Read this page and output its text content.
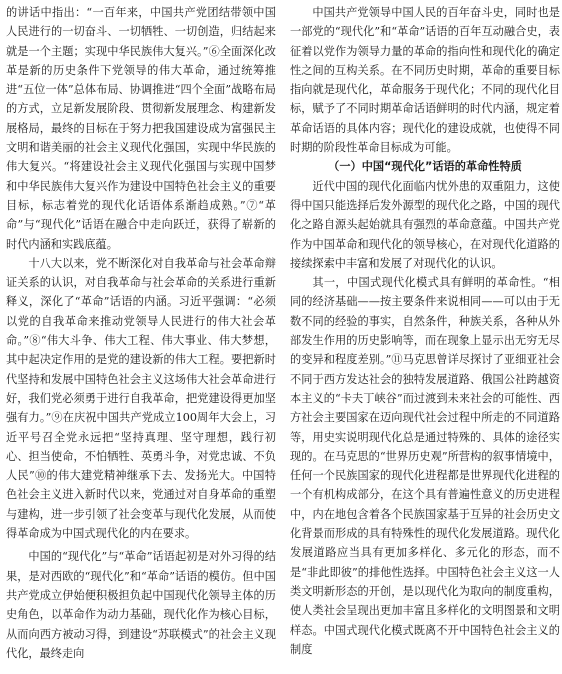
的讲话中指出：“一百年来，中国共产党团结带领中国人民进行的一切奋斗、一切牺牲、一切创造，归结起来就是一个主题；实现中华民族伟大复兴。”⑥全面深化改革是新的历史条件下党领导的伟大革命，通过统筹推进“五位一体”总体布局、协调推进“四个全面”战略布局的方式，立足新发展阶段、贯彻新发展理念、构建新发展格局，最终的目标在于努力把我国建设成为富强民主文明和谐美丽的社会主义现代化强国，实现中华民族的伟大复兴。“将建设社会主义现代化强国与实现中国梦和中华民族伟大复兴作为建设中国特色社会主义的重要目标，标志着党的现代化话语体系渐趋成熟。”⑦“革命”与“现代化”话语在融合中走向跃迁，获得了崭新的时代内涵和实践底蕴。

十八大以来，党不断深化对自我革命与社会革命辩证关系的认识，对自我革命与社会革命的关系进行重新释义，深化了“革命”话语的内涵。习近平强调：“必须以党的自我革命来推动党领导人民进行的伟大社会革命。”⑧“伟大斗争、伟大工程、伟大事业、伟大梦想，其中起决定作用的是党的建设新的伟大工程。要把新时代坚持和发展中国特色社会主义这场伟大社会革命进行好，我们党必须勇于进行自我革命，把党建设得更加坚强有力。”⑨在庆祝中国共产党成立100周年大会上，习近平号召全党永远把“坚持真理、坚守理想，践行初心、担当使命，不怕牺牲、英勇斗争，对党忠诚、不负人民”⑩的伟大建党精神继承下去、发扬光大。中国特色社会主义进入新时代以来，党通过对自身革命的重塑与建构，进一步引领了社会变革与现代化发展，从而使得革命成为中国式现代化的内在要求。

中国的“现代化”与“革命”话语起初是对外习得的结果，是对西欧的“现代化”和“革命”话语的模仿。但中国共产党成立伊始便积极担负起中国现代化领导主体的历史角色，以革命作为动力基础，现代化作为核心目标，从而向西方被动习得，到建设“苏联模式”的社会主义现代化，最终走向

中国共产党领导中国人民的百年奋斗史，同时也是一部党的“现代化”和“革命”话语的百年互动融合史，表征着以党作为领导力量的革命的指向性和现代化的确定性之间的互构关系。在不同历史时期，革命的重要目标指向就是现代化，革命服务于现代化；不同的现代化目标，赋予了不同时期革命话语鲜明的时代内涵，规定着革命话语的具体内容；现代化的建设成就，也使得不同时期的阶段性革命目标成为可能。

（一）中国“现代化”话语的革命性特质

近代中国的现代化面临内忧外患的双重阻力，这使得中国只能选择后发外源型的现代化之路，中国的现代化之路自源头起始就具有强烈的革命意蕴。中国共产党作为中国革命和现代化的领导核心，在对现代化道路的接续探索中丰富和发展了对现代化的认识。

其一，中国式现代化模式具有鲜明的革命性。“相同的经济基础——按主要条件来说相同——可以由于无数不同的经验的事实，自然条件，种族关系，各种从外部发生作用的历史影响等，而在现象上显示出无穷无尽的变异和程度差别。”⑪马克思曾详尽探讨了亚细亚社会不同于西方发达社会的独特发展道路、俄国公社跨越资本主义的“卡夫丁峡谷”而过渡到未来社会的可能性、西方社会主要国家在迈向现代社会过程中所走的不同道路等，用史实说明现代化总是通过特殊的、具体的途径实现的。在马克思的“世界历史观”所营构的叙事情境中，任何一个民族国家的现代化进程都是世界现代化进程的一个有机构成部分，在这个具有普遍性意义的历史进程中，内在地包含着各个民族国家基于互异的社会历史文化背景而形成的具有特殊性的现代化发展道路。现代化发展道路应当具有更加多样化、多元化的形态，而不是“非此即彼”的排他性选择。中国特色社会主义这一人类文明新形态的开创，是以现代化为取向的制度重构，使人类社会呈现出更加丰富且多样化的文明图景和文明样态。中国式现代化模式既离不开中国特色社会主义的制度
